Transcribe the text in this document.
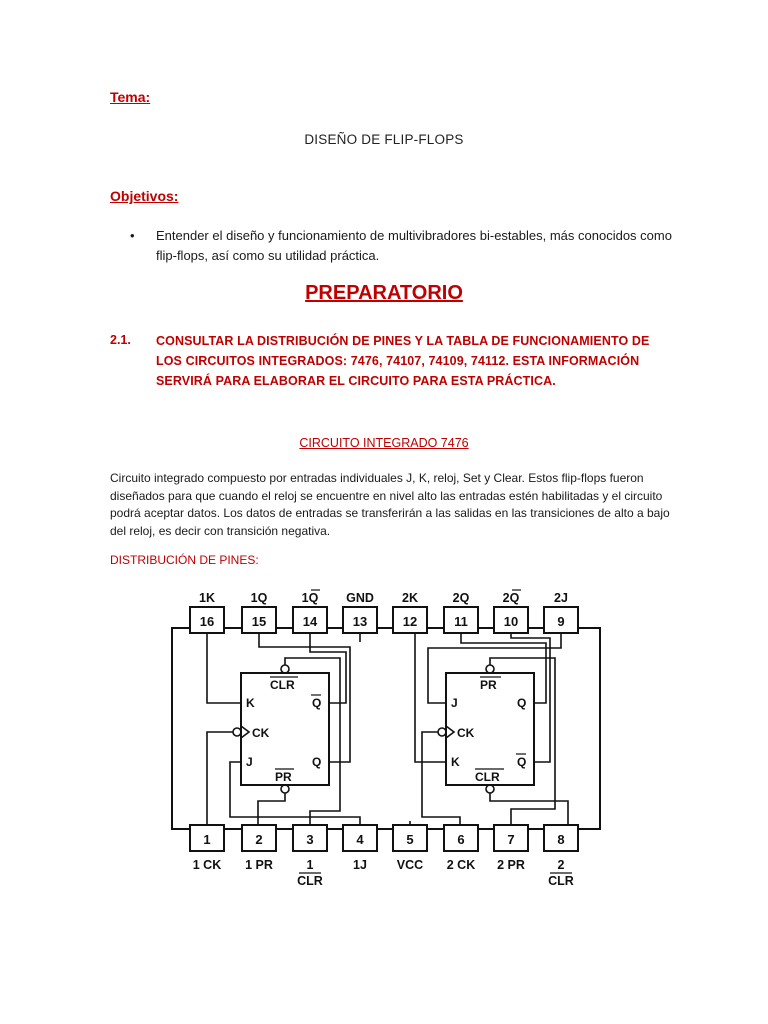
Tema:
DISEÑO DE FLIP-FLOPS
Objetivos:
• Entender el diseño y funcionamiento de multivibradores bi-estables, más conocidos como flip-flops, así como su utilidad práctica.
PREPARATORIO
2.1. CONSULTAR LA DISTRIBUCIÓN DE PINES Y LA TABLA DE FUNCIONAMIENTO DE LOS CIRCUITOS INTEGRADOS: 7476, 74107, 74109, 74112. ESTA INFORMACIÓN SERVIRÁ PARA ELABORAR EL CIRCUITO PARA ESTA PRÁCTICA.
CIRCUITO INTEGRADO 7476
Circuito integrado compuesto por entradas individuales J, K, reloj, Set y Clear. Estos flip-flops fueron diseñados para que cuando el reloj se encuentre en nivel alto las entradas estén habilitadas y el circuito podrá aceptar datos. Los datos de entradas se transferirán a las salidas en las transiciones de alto a bajo del reloj, es decir con transición negativa.
DISTRIBUCIÓN DE PINES:
16
1K
15
1Q
14
1Q
13
GND
12
2K
11
2Q
10
2Q
9
2J
1
1 CK
2
1 PR
3
1
CLR
4
1J
5
VCC
6
2 CK
7
2 PR
8
2
CLR
CLR
K
CK
J
Q
Q
PR
PR
J
CK
K
Q
Q
CLR
